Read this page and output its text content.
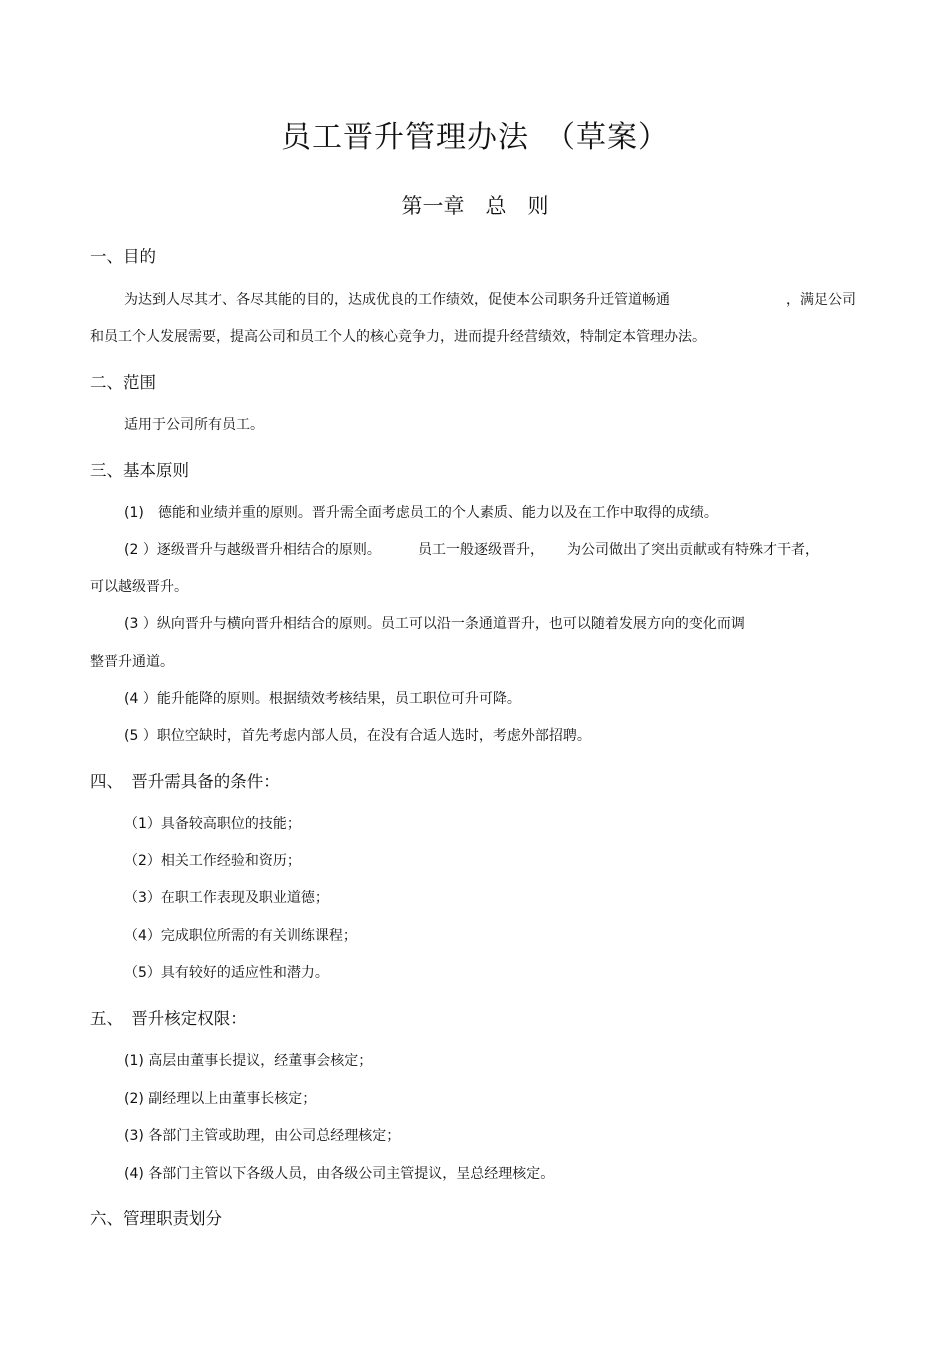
员工晋升管理办法　（草案）
第一章　总　则
一、目的
为达到人尽其才、各尽其能的目的，达成优良的工作绩效，促使本公司职务升迁管道畅通	，满足公司
和员工个人发展需要，提高公司和员工个人的核心竞争力，进而提升经营绩效，特制定本管理办法。
二、范围
适用于公司所有员工。
三、基本原则
(1)　德能和业绩并重的原则。晋升需全面考虑员工的个人素质、能力以及在工作中取得的成绩。
(2 ）逐级晋升与越级晋升相结合的原则。	员工一般逐级晋升， 为公司做出了突出贡献或有特殊才干者，
可以越级晋升。
(3 ）纵向晋升与横向晋升相结合的原则。员工可以沿一条通道晋升，也可以随着发展方向的变化而调
整晋升通道。
(4 ）能升能降的原则。根据绩效考核结果，员工职位可升可降。
(5 ）职位空缺时，首先考虑内部人员，在没有合适人选时，考虑外部招聘。
四、　晋升需具备的条件：
（1）具备较高职位的技能；
（2）相关工作经验和资历；
（3）在职工作表现及职业道德；
（4）完成职位所需的有关训练课程；
（5）具有较好的适应性和潜力。
五、　晋升核定权限：
(1) 高层由董事长提议，经董事会核定；
(2) 副经理以上由董事长核定；
(3) 各部门主管或助理，由公司总经理核定；
(4) 各部门主管以下各级人员，由各级公司主管提议，呈总经理核定。
六、管理职责划分
